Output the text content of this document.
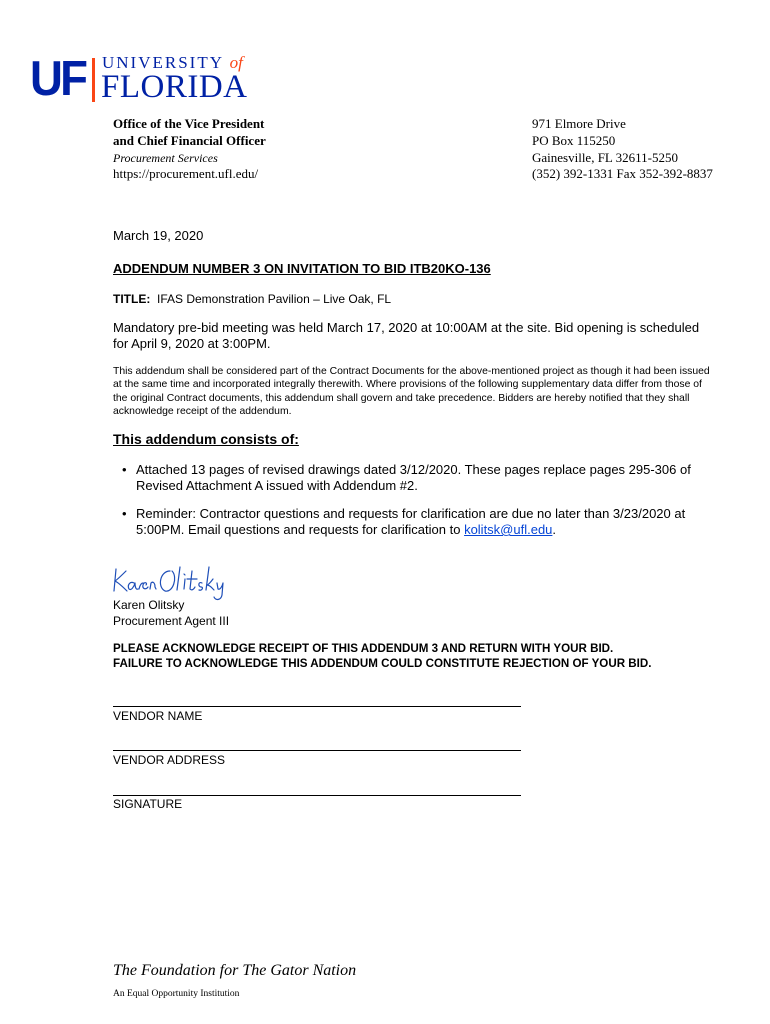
UF UNIVERSITY of
FLORIDA
Office of the Vice President
and Chief Financial Officer
Procurement Services
https://procurement.ufl.edu/
971 Elmore Drive
PO Box 115250
Gainesville, FL 32611-5250
(352) 392-1331 Fax 352-392-8837
March 19, 2020
ADDENDUM NUMBER 3 ON INVITATION TO BID ITB20KO-136
TITLE: IFAS Demonstration Pavilion – Live Oak, FL
Mandatory pre-bid meeting was held March 17, 2020 at 10:00AM at the site. Bid opening is scheduled for April 9, 2020 at 3:00PM.
This addendum shall be considered part of the Contract Documents for the above-mentioned project as though it had been issued at the same time and incorporated integrally therewith. Where provisions of the following supplementary data differ from those of the original Contract documents, this addendum shall govern and take precedence. Bidders are hereby notified that they shall acknowledge receipt of the addendum.
This addendum consists of:
• Attached 13 pages of revised drawings dated 3/12/2020. These pages replace pages 295-306 of Revised Attachment A issued with Addendum #2.
• Reminder: Contractor questions and requests for clarification are due no later than 3/23/2020 at 5:00PM. Email questions and requests for clarification to kolitsk@ufl.edu.
Karen Olitsky
Procurement Agent III
PLEASE ACKNOWLEDGE RECEIPT OF THIS ADDENDUM 3 AND RETURN WITH YOUR BID.
FAILURE TO ACKNOWLEDGE THIS ADDENDUM COULD CONSTITUTE REJECTION OF YOUR BID.
VENDOR NAME
VENDOR ADDRESS
SIGNATURE
The Foundation for The Gator Nation
An Equal Opportunity Institution
